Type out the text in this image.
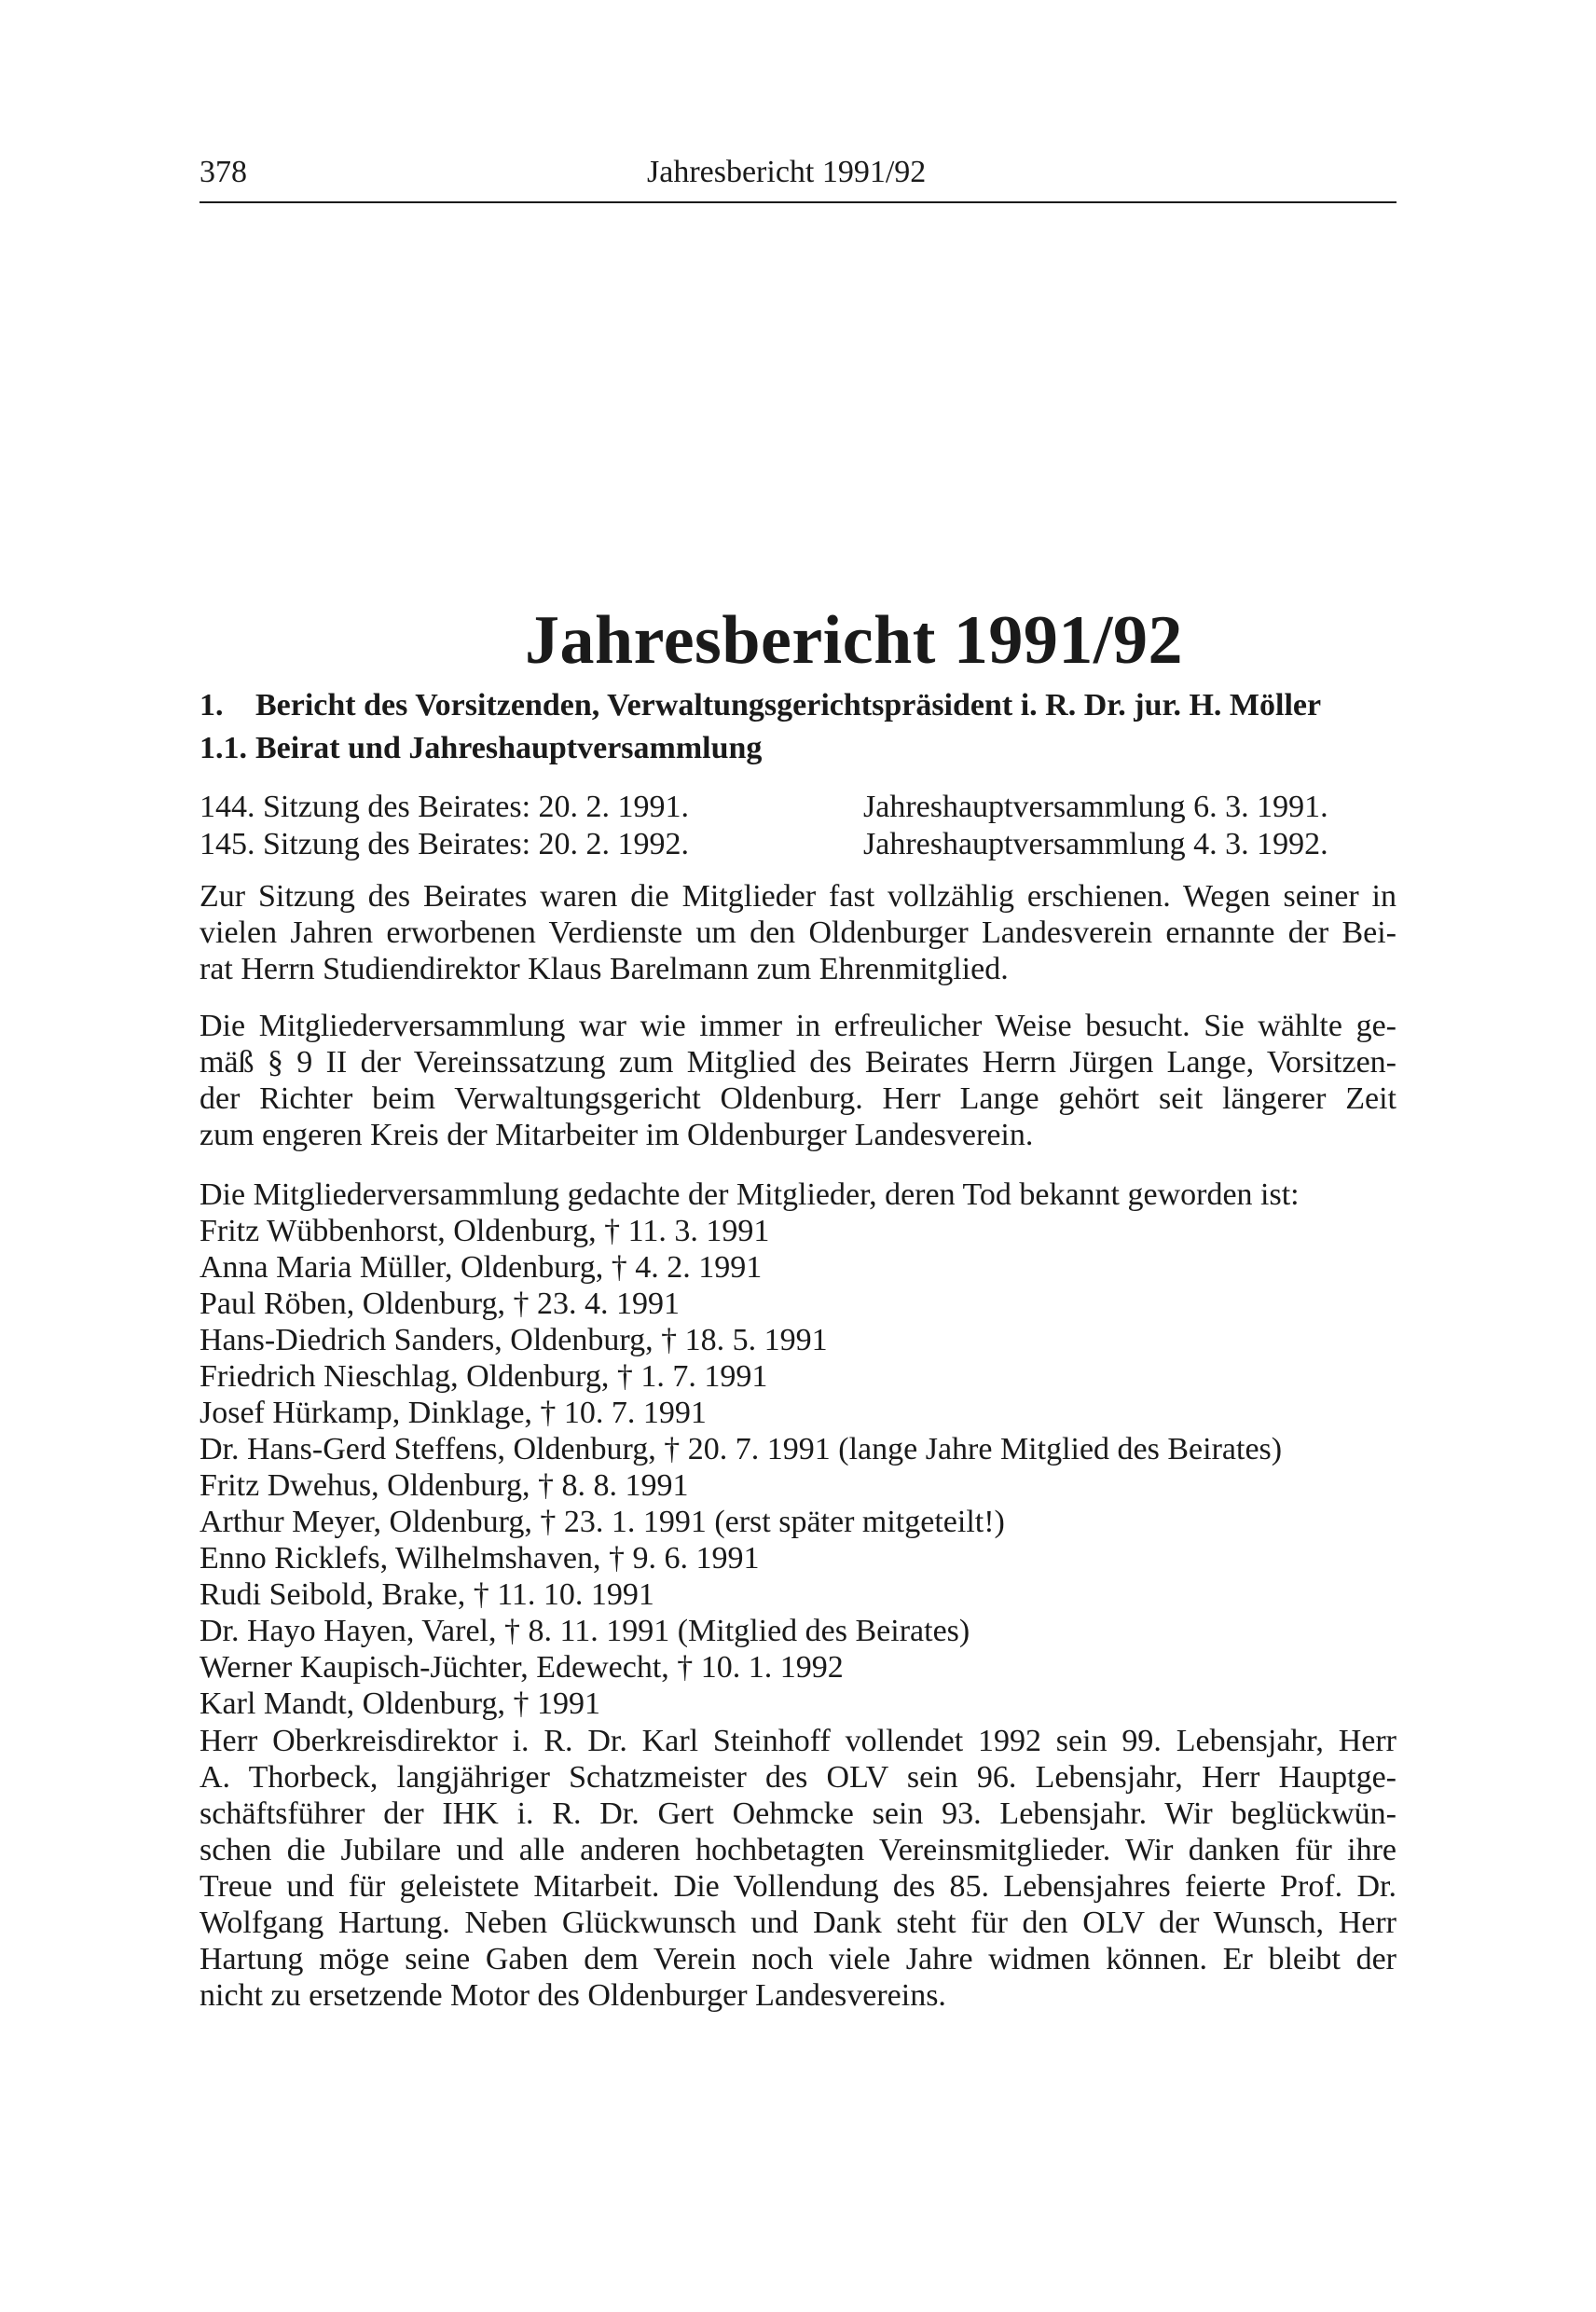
378	Jahresbericht 1991/92
Jahresbericht 1991/92
1. Bericht des Vorsitzenden, Verwaltungsgerichtspräsident i. R. Dr. jur. H. Möller
1.1. Beirat und Jahreshauptversammlung
144. Sitzung des Beirates: 20. 2. 1991.	Jahreshauptversammlung 6. 3. 1991.
145. Sitzung des Beirates: 20. 2. 1992.	Jahreshauptversammlung 4. 3. 1992.

Zur Sitzung des Beirates waren die Mitglieder fast vollzählig erschienen. Wegen seiner in
vielen Jahren erworbenen Verdienste um den Oldenburger Landesverein ernannte der Bei-
rat Herrn Studiendirektor Klaus Barelmann zum Ehrenmitglied.

Die Mitgliederversammlung war wie immer in erfreulicher Weise besucht. Sie wählte ge-
mäß § 9 II der Vereinssatzung zum Mitglied des Beirates Herrn Jürgen Lange, Vorsitzen-
der Richter beim Verwaltungsgericht Oldenburg. Herr Lange gehört seit längerer Zeit
zum engeren Kreis der Mitarbeiter im Oldenburger Landesverein.

Die Mitgliederversammlung gedachte der Mitglieder, deren Tod bekannt geworden ist:

Fritz Wübbenhorst, Oldenburg, † 11. 3. 1991
Anna Maria Müller, Oldenburg, † 4. 2. 1991
Paul Röben, Oldenburg, † 23. 4. 1991
Hans-Diedrich Sanders, Oldenburg, † 18. 5. 1991
Friedrich Nieschlag, Oldenburg, † 1. 7. 1991
Josef Hürkamp, Dinklage, † 10. 7. 1991
Dr. Hans-Gerd Steffens, Oldenburg, † 20. 7. 1991 (lange Jahre Mitglied des Beirates)
Fritz Dwehus, Oldenburg, † 8. 8. 1991
Arthur Meyer, Oldenburg, † 23. 1. 1991 (erst später mitgeteilt!)
Enno Ricklefs, Wilhelmshaven, † 9. 6. 1991
Rudi Seibold, Brake, † 11. 10. 1991
Dr. Hayo Hayen, Varel, † 8. 11. 1991 (Mitglied des Beirates)
Werner Kaupisch-Jüchter, Edewecht, † 10. 1. 1992
Karl Mandt, Oldenburg, † 1991

Herr Oberkreisdirektor i. R. Dr. Karl Steinhoff vollendet 1992 sein 99. Lebensjahr, Herr
A. Thorbeck, langjähriger Schatzmeister des OLV sein 96. Lebensjahr, Herr Hauptge-
schäftsführer der IHK i. R. Dr. Gert Oehmcke sein 93. Lebensjahr. Wir beglückwün-
schen die Jubilare und alle anderen hochbetagten Vereinsmitglieder. Wir danken für ihre
Treue und für geleistete Mitarbeit. Die Vollendung des 85. Lebensjahres feierte Prof. Dr.
Wolfgang Hartung. Neben Glückwunsch und Dank steht für den OLV der Wunsch, Herr
Hartung möge seine Gaben dem Verein noch viele Jahre widmen können. Er bleibt der
nicht zu ersetzende Motor des Oldenburger Landesvereins.
